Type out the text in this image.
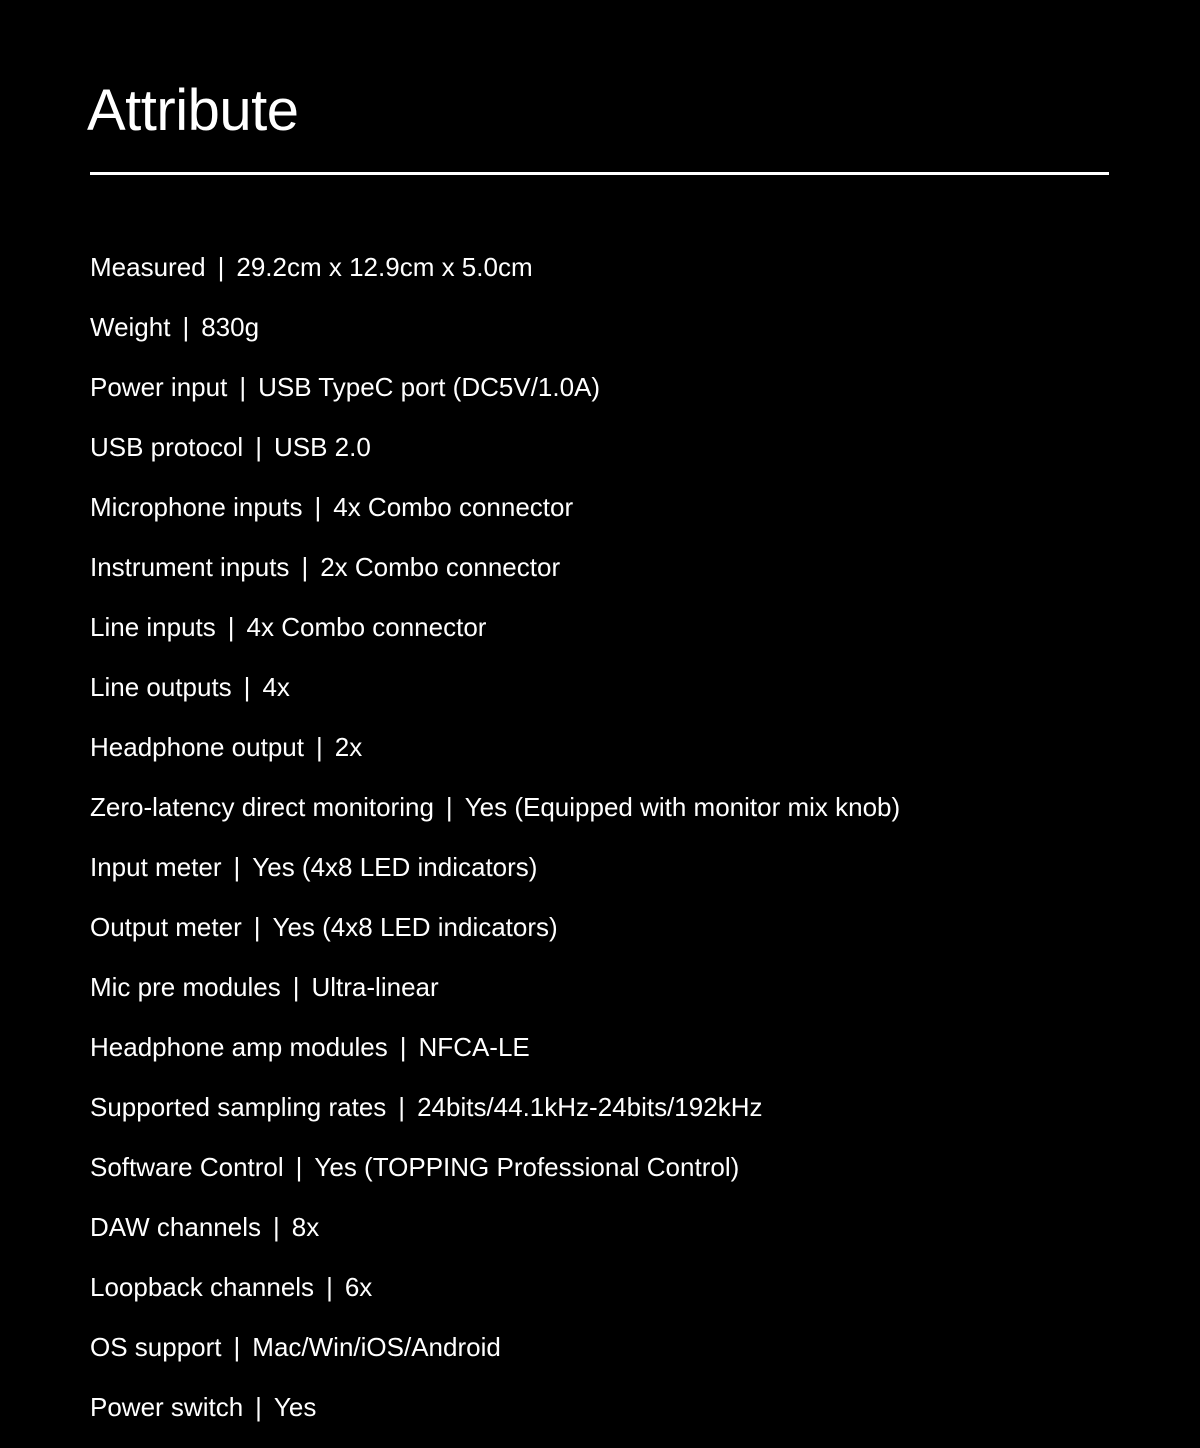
Attribute
Measured | 29.2cm x 12.9cm x 5.0cm
Weight | 830g
Power input | USB TypeC port (DC5V/1.0A)
USB protocol | USB 2.0
Microphone inputs | 4x Combo connector
Instrument inputs | 2x Combo connector
Line inputs | 4x Combo connector
Line outputs | 4x
Headphone output | 2x
Zero-latency direct monitoring | Yes (Equipped with monitor mix knob)
Input meter | Yes (4x8 LED indicators)
Output meter | Yes (4x8 LED indicators)
Mic pre modules | Ultra-linear
Headphone amp modules | NFCA-LE
Supported sampling rates | 24bits/44.1kHz-24bits/192kHz
Software Control | Yes (TOPPING Professional Control)
DAW channels | 8x
Loopback channels | 6x
OS support | Mac/Win/iOS/Android
Power switch | Yes
